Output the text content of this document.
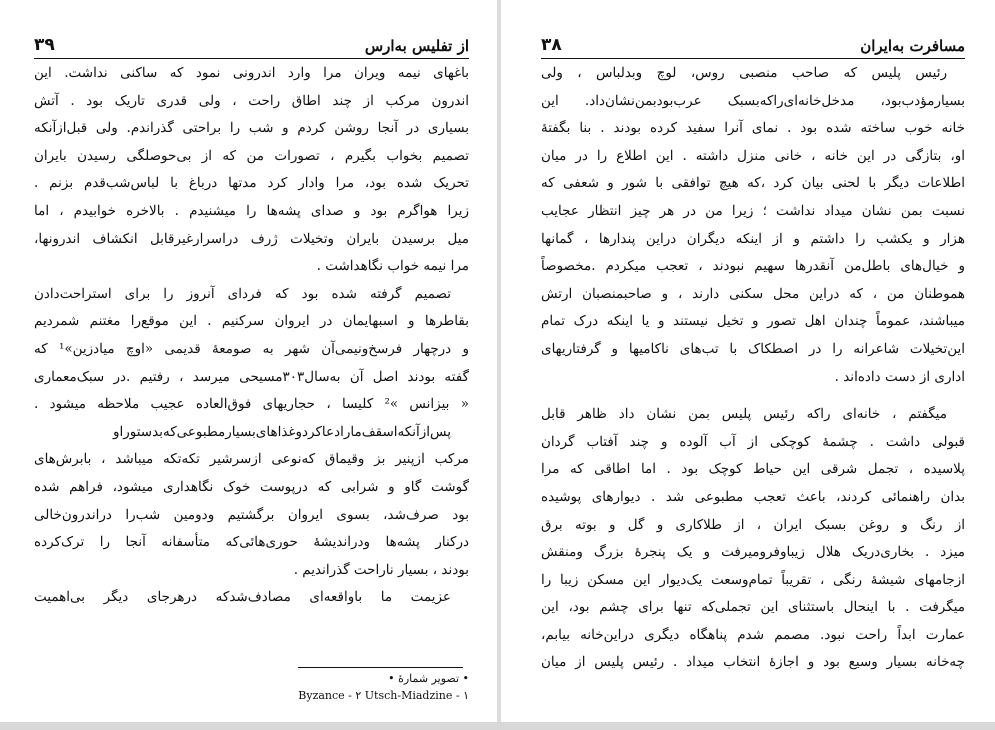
۳۹	از تفلیس به‌ارس
باغهای نیمه ویران مرا وارد اندرونی نمود که ساکنی نداشت. این
اندرون مرکب از چند اطاق راحت ، ولی قدری تاریک بود . آتش
بسیاری در آنجا روشن کردم و شب را براحتی گذراندم. ولی قبل‌ازآنکه
تصمیم بخواب بگیرم ، تصورات من که از بی‌حوصلگی رسیدن بایران
تحریک شده بود، مرا وادار کرد مدتها درباغ با لباس‌شب‌قدم بزنم .
زیرا هواگرم بود و صدای پشه‌ها را میشنیدم . بالاخره خوابیدم ، اما
میل برسیدن بایران وتخیلات ژرف دراسرارغیرقابل انکشاف اندرونها،
مرا نیمه خواب نگاهداشت .
تصمیم گرفته شده بود که فردای آنروز را برای استراحت‌دادن
بقاطرها و اسبهایمان در ایروان سرکنیم . این موقع‌را مغتنم شمردیم
و درچهار فرسخ‌ونیمی‌آن شهر به صومعهٔ قدیمی «اوچ میادزین»¹ که
گفته بودند اصل آن به‌سال۳۰۳مسیحی میرسد ، رفتیم .در سبک‌معماری
« بیزانس »² کلیسا ، حجاریهای فوق‌العاده عجیب ملاحظه میشود .
پس‌ازآنکه‌اسقف‌ما‌را‌دعا‌کرد‌وغذاهای‌بسیارمطبوعی‌که‌بدستوراو
مرکب از‌پنیر بز وقیماق که‌نوعی ازسرشیر تکه‌تکه میباشد ، بابرش‌های
گوشت گاو و شرابی که درپوست خوک نگاهداری میشود، فراهم شده
بود صرف‌شد، بسوی ایروان برگشتیم ودومین شب‌را دراندرون‌خالی
درکنار پشه‌ها ودراندیشهٔ حوری‌هائی‌که متأسفانه آنجا را ترک‌کرده
بودند ، بسیار ناراحت گذراندیم .
عزیمت ما باواقعه‌ای مصادف‌شدکه درهرجای دیگر بی‌اهمیت
• تصویر شمارهٔ •
Byzance - ۲ Utsch-Miadzine - ۱
۳۸	مسافرت به‌ایران
رئیس پلیس که صاحب منصبی روس، لوچ وبدلباس ، ولی
بسیارمؤدب‌بود، مدخل‌خانه‌ای‌را‌که‌بسبک عرب‌بود‌بمن‌نشان‌داد. این
خانه خوب ساخته شده بود . نمای آنرا سفید کرده بودند . بنا بگفتهٔ
او، بتازگی در این خانه ، خانی منزل داشته . این اطلاع را در میان
اطلاعات دیگر با لحنی بیان کرد ،که هیچ توافقی با شور و شعفی که
نسبت بمن نشان میداد نداشت ؛ زیرا من در هر چیز انتظار عجایب
هزار و یکشب را داشتم و از اینکه دیگران دراین پندارها ، گمانها
و خیال‌های باطل‌من آنقدرها سهیم نبودند ، تعجب میکردم .مخصوصاً
هموطنان من ، که دراین محل سکنی دارند ، و صاحبمنصبان ارتش
میباشند، عموماً چندان اهل تصور و تخیل نیستند و یا اینکه درک تمام
این‌تخیلات شاعرانه را در اصطکاک با تب‌های ناکامیها و گرفتاریهای
اداری از دست داده‌اند .
میگفتم ، خانه‌ای راکه رئیس پلیس بمن نشان داد ظاهر قابل
قبولی داشت . چشمهٔ کوچکی از آب آلوده و چند آفتاب گردان
پلاسیده ، تجمل شرقی این حیاط کوچک بود . اما اطاقی که مرا
بدان راهنمائی کردند، باعث تعجب مطبوعی شد . دیوارهای پوشیده
از رنگ و روغن بسبک ایران ، از طلاکاری و گل و بوته برق
میزد . بخاری‌دریک هلال زیباوفرومیرفت و یک پنجرهٔ بزرگ ومنقش
ازجامهای شیشهٔ رنگی ، تقریباً تمام‌وسعت یک‌دیوار این مسکن زیبا را
میگرفت . با اینحال باستثنای این تجملی‌که تنها برای چشم بود، این
عمارت ابداً راحت نبود. مصمم شدم پناهگاه دیگری دراین‌خانه بیابم،
چه‌خانه بسیار وسیع بود و اجازهٔ انتخاب میداد . رئیس پلیس از میان
